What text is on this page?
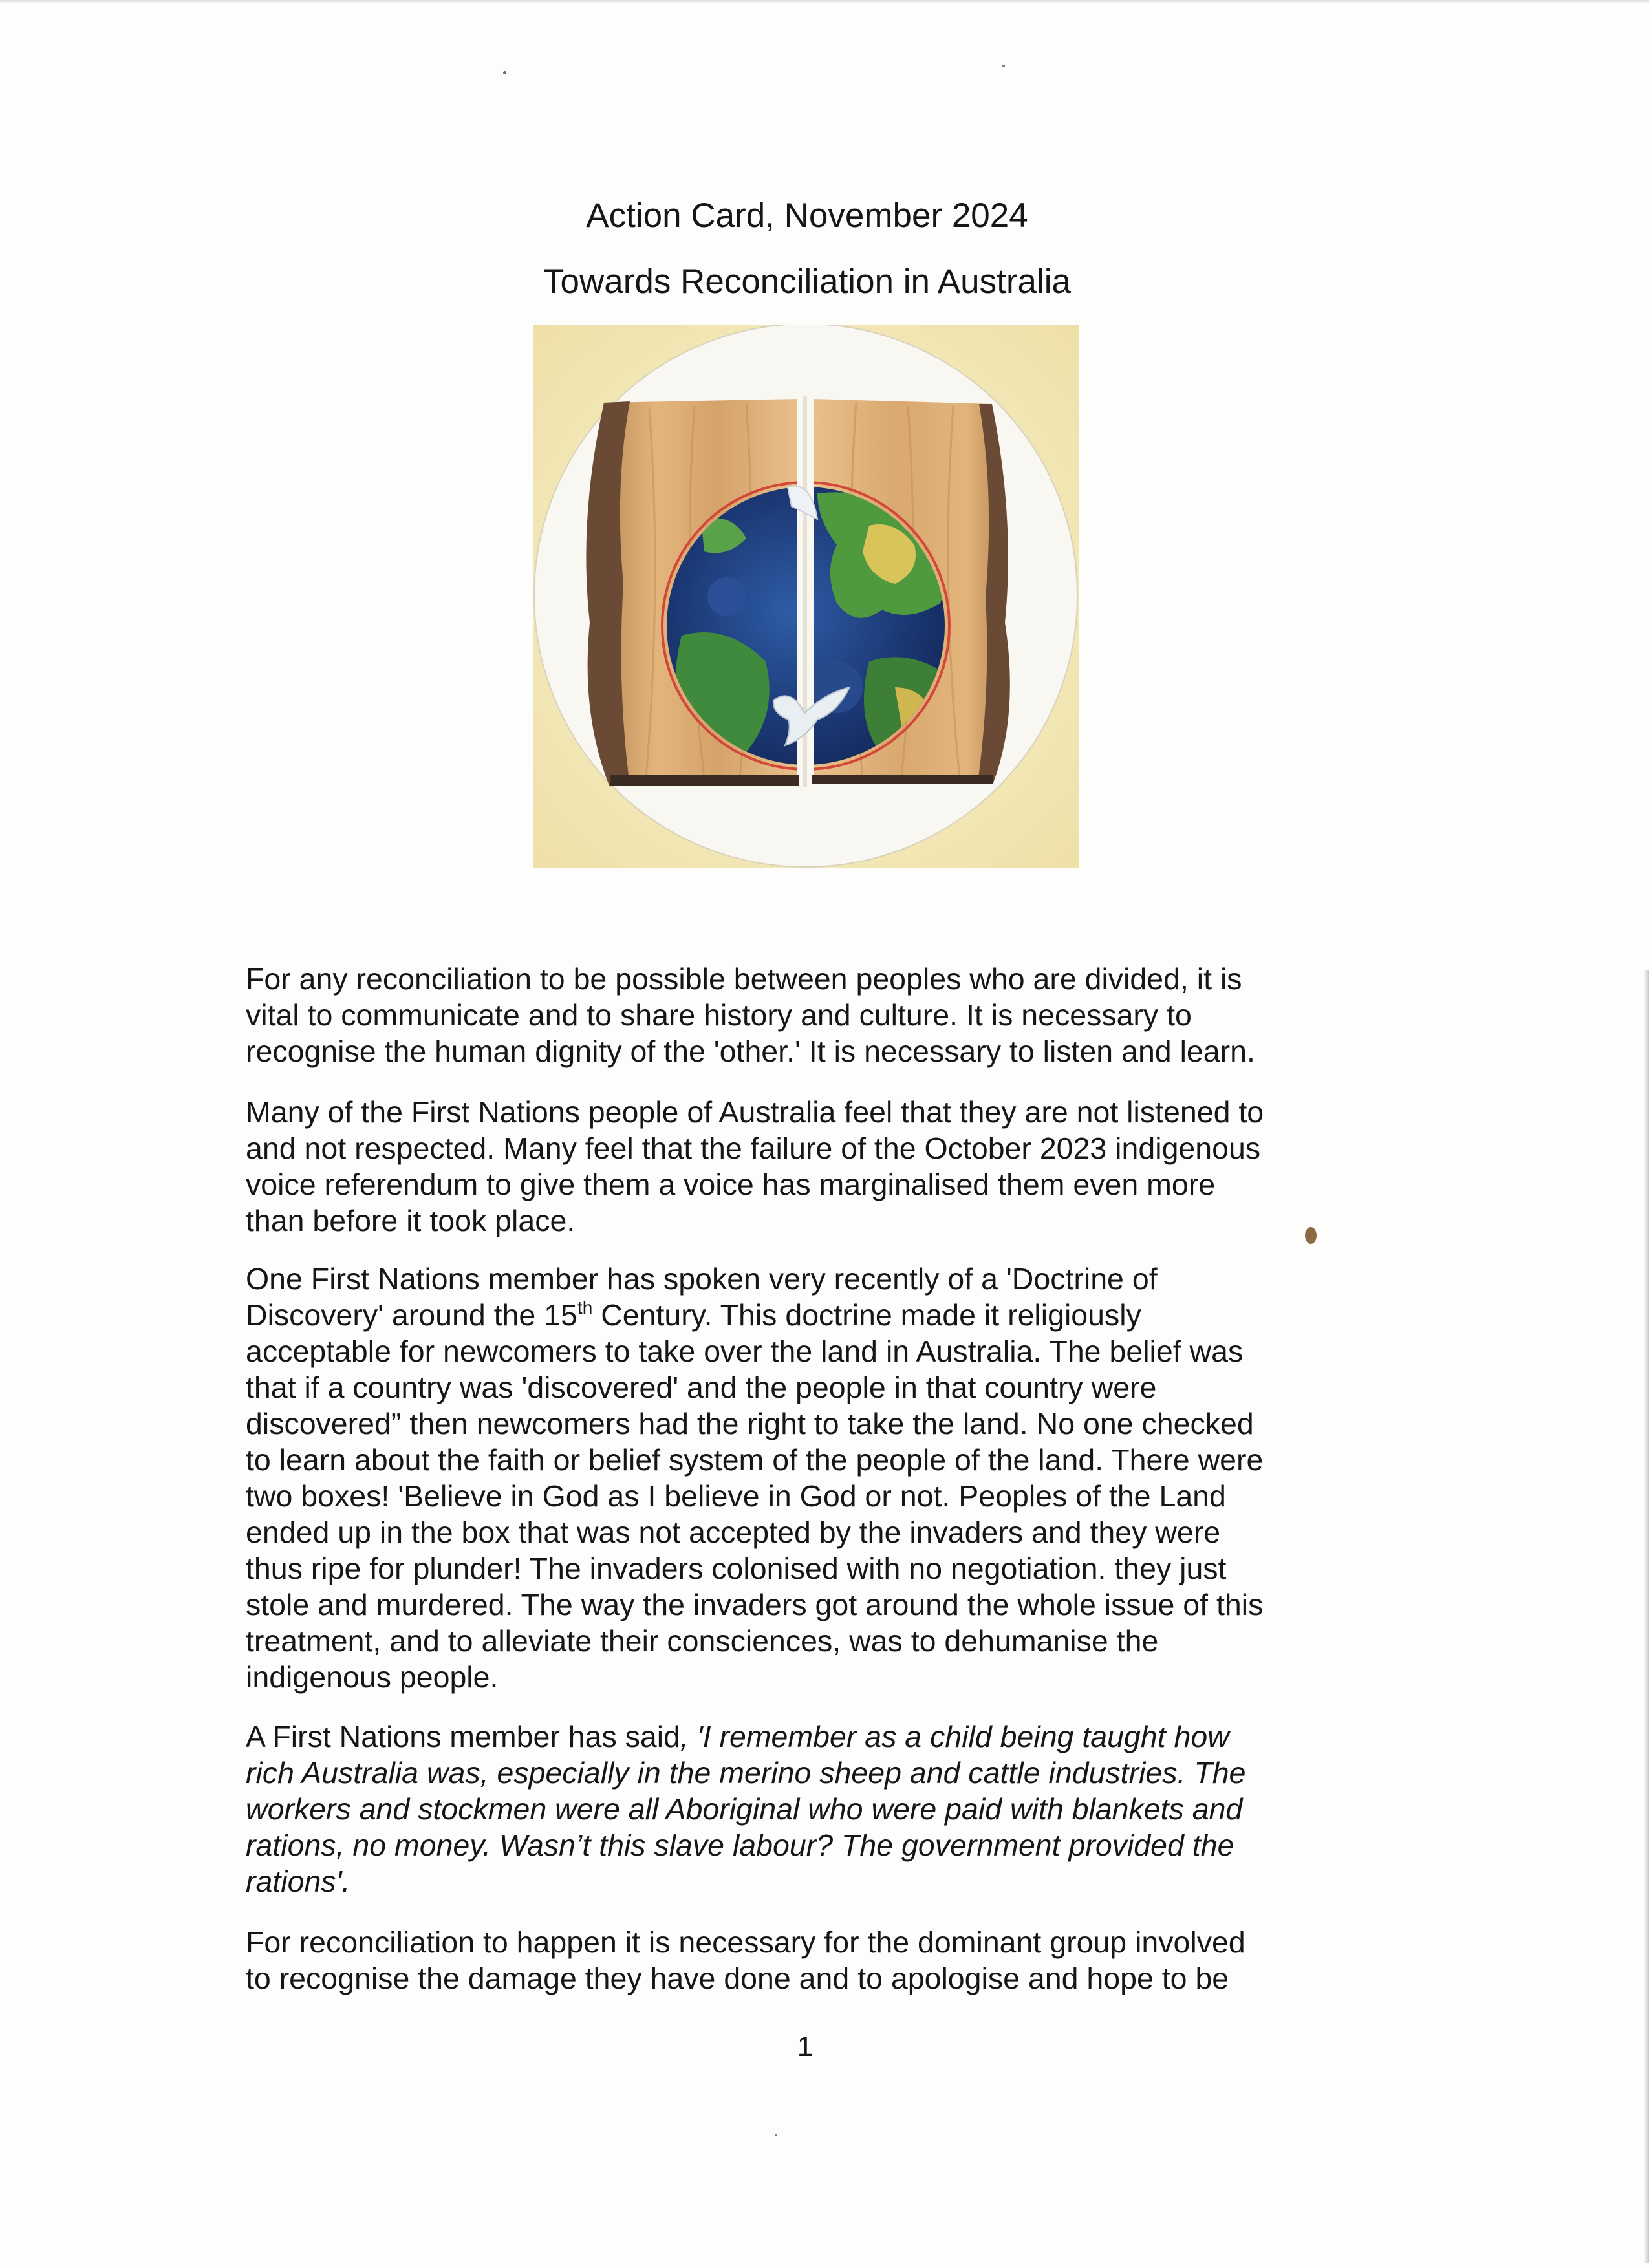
Action Card, November 2024
Towards Reconciliation in Australia

For any reconciliation to be possible between peoples who are divided, it is
vital to communicate and to share history and culture. It is necessary to
recognise the human dignity of the 'other.' It is necessary to listen and learn.

Many of the First Nations people of Australia feel that they are not listened to
and not respected. Many feel that the failure of the October 2023 indigenous
voice referendum to give them a voice has marginalised them even more
than before it took place.

One First Nations member has spoken very recently of a 'Doctrine of
Discovery' around the 15th Century. This doctrine made it religiously
acceptable for newcomers to take over the land in Australia. The belief was
that if a country was 'discovered' and the people in that country were
discovered” then newcomers had the right to take the land. No one checked
to learn about the faith or belief system of the people of the land. There were
two boxes! 'Believe in God as I believe in God or not. Peoples of the Land
ended up in the box that was not accepted by the invaders and they were
thus ripe for plunder! The invaders colonised with no negotiation. they just
stole and murdered. The way the invaders got around the whole issue of this
treatment, and to alleviate their consciences, was to dehumanise the
indigenous people.

A First Nations member has said, 'I remember as a child being taught how
rich Australia was, especially in the merino sheep and cattle industries. The
workers and stockmen were all Aboriginal who were paid with blankets and
rations, no money. Wasn’t this slave labour? The government provided the
rations'.

For reconciliation to happen it is necessary for the dominant group involved
to recognise the damage they have done and to apologise and hope to be

1
